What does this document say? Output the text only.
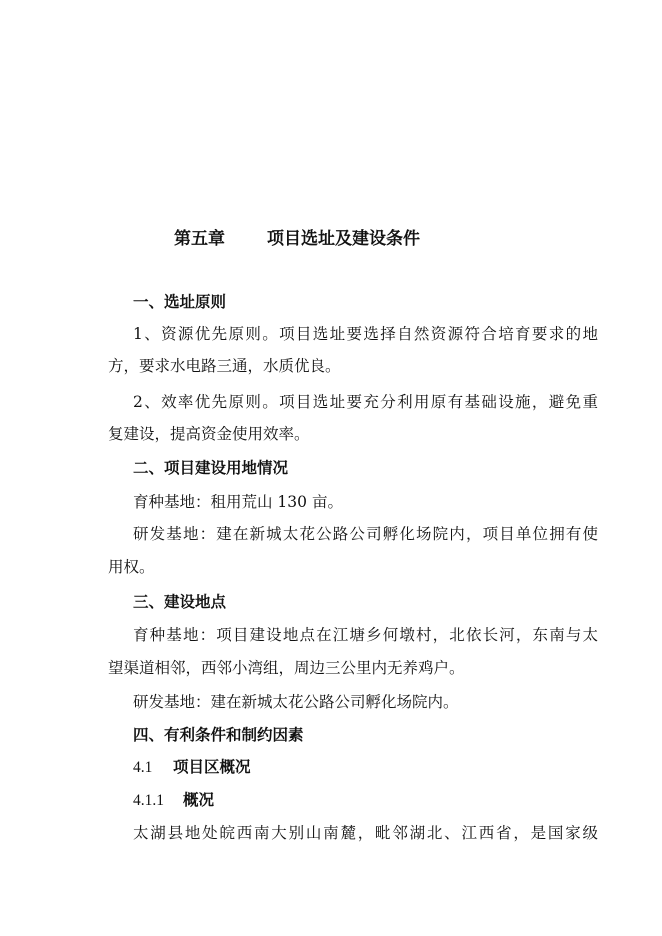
第五章 项目选址及建设条件
一、选址原则
1、资源优先原则。项目选址要选择自然资源符合培育要求的地
方，要求水电路三通，水质优良。
2、效率优先原则。项目选址要充分利用原有基础设施，避免重
复建设，提高资金使用效率。
二、项目建设用地情况
育种基地：租用荒山 130 亩。
研发基地：建在新城太花公路公司孵化场院内，项目单位拥有使
用权。
三、建设地点
育种基地：项目建设地点在江塘乡何墩村，北依长河，东南与太
望渠道相邻，西邻小湾组，周边三公里内无养鸡户。
研发基地：建在新城太花公路公司孵化场院内。
四、有利条件和制约因素
4.1 项目区概况
4.1.1 概况
太湖县地处皖西南大别山南麓，毗邻湖北、江西省，是国家级
